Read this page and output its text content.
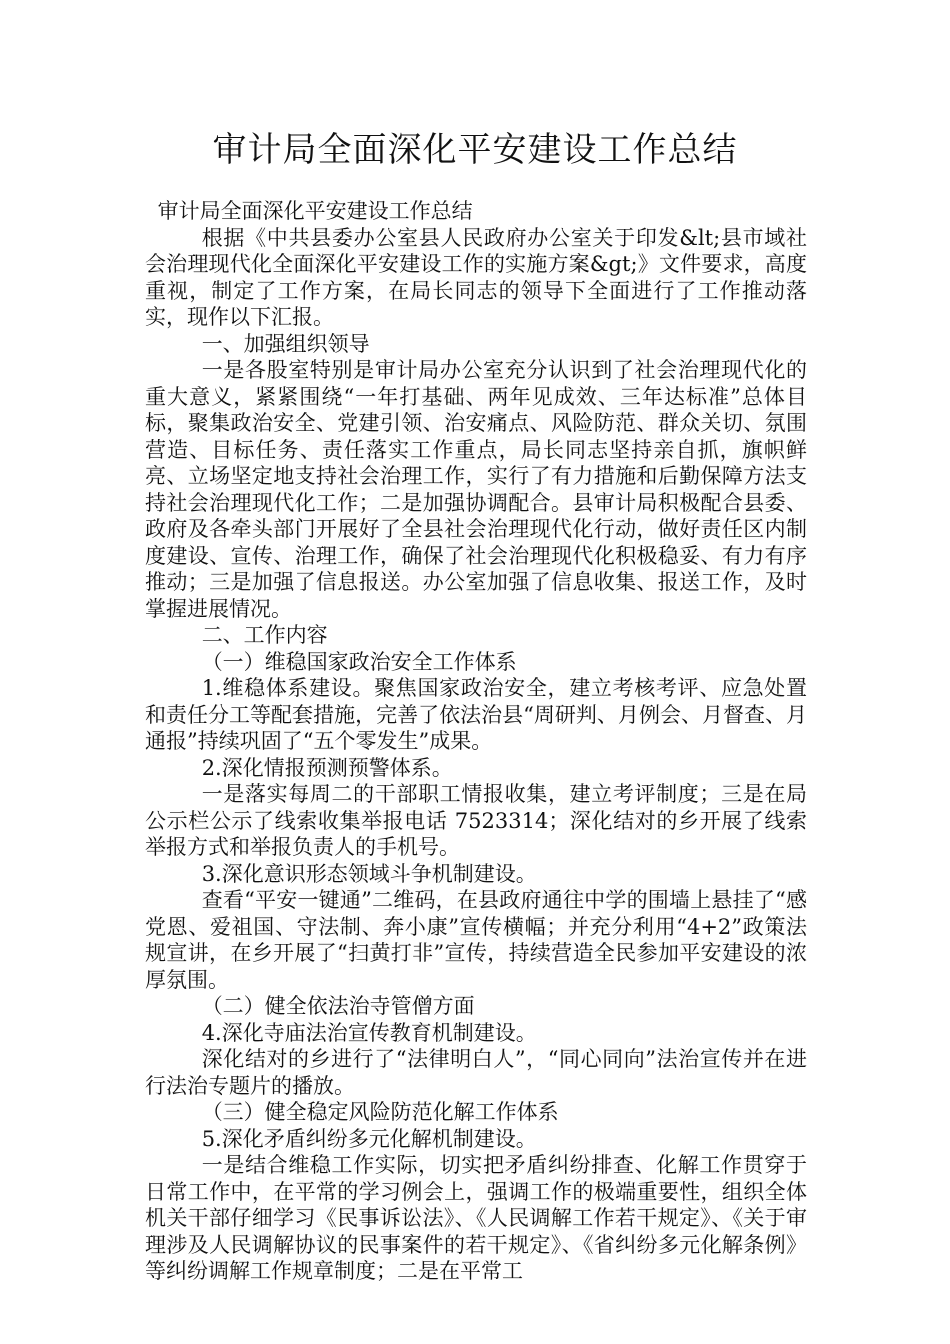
审计局全面深化平安建设工作总结

审计局全面深化平安建设工作总结

根据《中共县委办公室县人民政府办公室关于印发&lt;县市域社会治理现代化全面深化平安建设工作的实施方案&gt;》文件要求，高度重视，制定了工作方案，在局长同志的领导下全面进行了工作推动落实，现作以下汇报。

一、加强组织领导

一是各股室特别是审计局办公室充分认识到了社会治理现代化的重大意义，紧紧围绕“一年打基础、两年见成效、三年达标准”总体目标，聚集政治安全、党建引领、治安痛点、风险防范、群众关切、氛围营造、目标任务、责任落实工作重点，局长同志坚持亲自抓，旗帜鲜亮、立场坚定地支持社会治理工作，实行了有力措施和后勤保障方法支持社会治理现代化工作；二是加强协调配合。县审计局积极配合县委、政府及各牵头部门开展好了全县社会治理现代化行动，做好责任区内制度建设、宣传、治理工作，确保了社会治理现代化积极稳妥、有力有序推动；三是加强了信息报送。办公室加强了信息收集、报送工作，及时掌握进展情况。

二、工作内容

（一）维稳国家政治安全工作体系

1.维稳体系建设。聚焦国家政治安全，建立考核考评、应急处置和责任分工等配套措施，完善了依法治县“周研判、月例会、月督查、月通报”持续巩固了“五个零发生”成果。

2.深化情报预测预警体系。

一是落实每周二的干部职工情报收集，建立考评制度；三是在局公示栏公示了线索收集举报电话 7523314；深化结对的乡开展了线索举报方式和举报负责人的手机号。

3.深化意识形态领域斗争机制建设。

查看“平安一键通”二维码，在县政府通往中学的围墙上悬挂了“感党恩、爱祖国、守法制、奔小康”宣传横幅；并充分利用“4+2”政策法规宣讲，在乡开展了“扫黄打非”宣传，持续营造全民参加平安建设的浓厚氛围。

（二）健全依法治寺管僧方面

4.深化寺庙法治宣传教育机制建设。

深化结对的乡进行了“法律明白人”，“同心同向”法治宣传并在进行法治专题片的播放。

（三）健全稳定风险防范化解工作体系

5.深化矛盾纠纷多元化解机制建设。

一是结合维稳工作实际，切实把矛盾纠纷排查、化解工作贯穿于日常工作中，在平常的学习例会上，强调工作的极端重要性，组织全体机关干部仔细学习《民事诉讼法》、《人民调解工作若干规定》、《关于审理涉及人民调解协议的民事案件的若干规定》、《省纠纷多元化解条例》等纠纷调解工作规章制度；二是在平常工
